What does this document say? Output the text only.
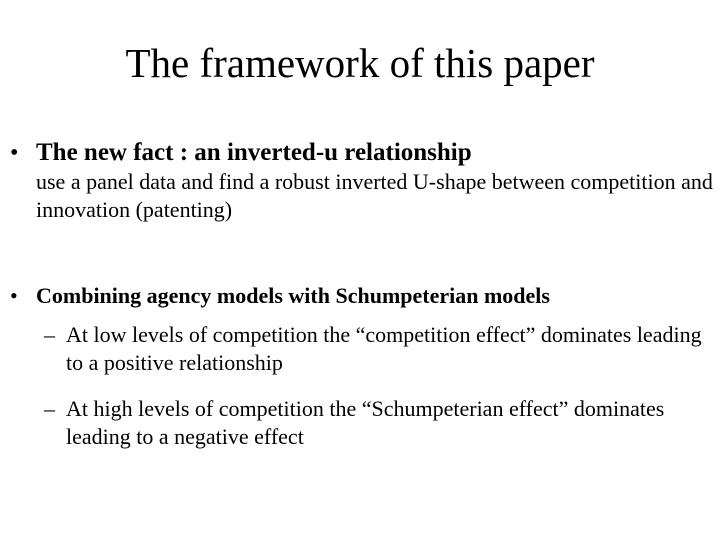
The framework of this paper
• The new fact : an inverted-u relationship
use a panel data and find a robust inverted U-shape between competition and innovation (patenting)
• Combining agency models with Schumpeterian models
– At low levels of competition the “competition effect” dominates leading to a positive relationship
– At high levels of competition the “Schumpeterian effect” dominates leading to a negative effect
